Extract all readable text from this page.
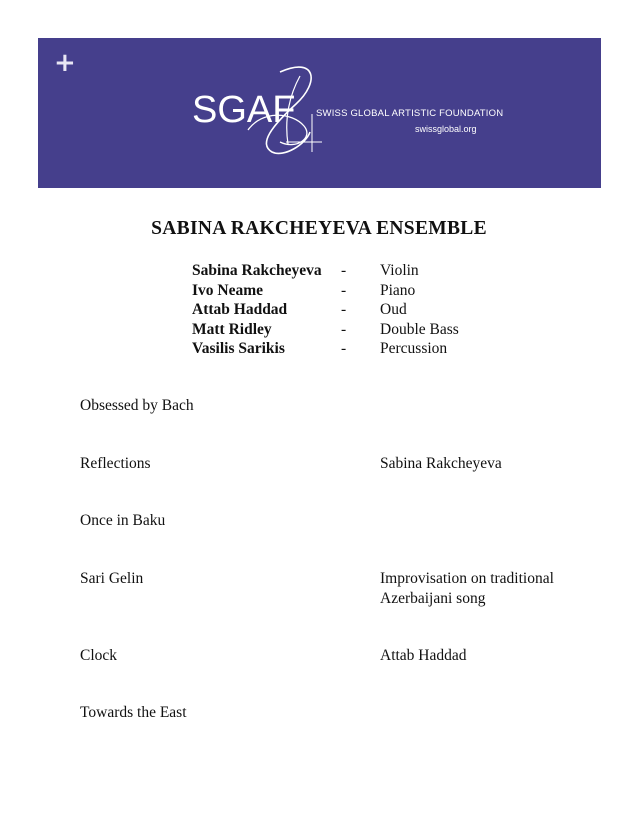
+
SGAF SWISS GLOBAL ARTISTIC FOUNDATION
swissglobal.org
SABINA RAKCHEYEVA ENSEMBLE
Sabina Rakcheyeva - Violin
Ivo Neame	- Piano
Attab Haddad	- Oud
Matt Ridley	- Double Bass
Vasilis Sarikis	- Percussion
Obsessed by Bach
Reflections	Sabina Rakcheyeva
Once in Baku
Sari Gelin	Improvisation on traditional
Azerbaijani song
Clock	Attab Haddad
Towards the East
